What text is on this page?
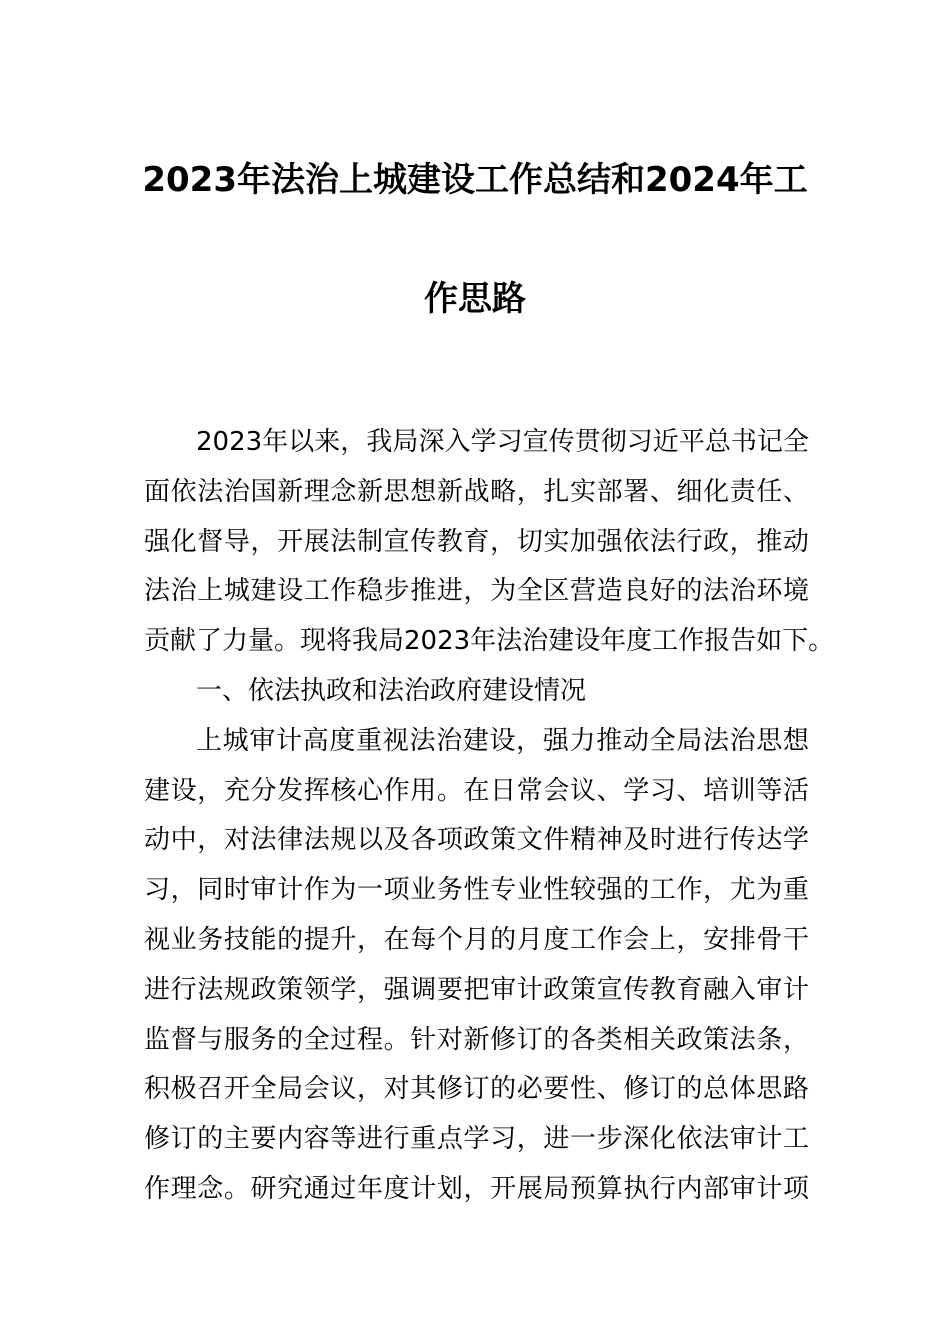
2023年法治上城建设工作总结和2024年工
作思路
2023年以来，我局深入学习宣传贯彻习近平总书记全
面依法治国新理念新思想新战略，扎实部署、细化责任、
强化督导，开展法制宣传教育，切实加强依法行政，推动
法治上城建设工作稳步推进，为全区营造良好的法治环境
贡献了力量。现将我局2023年法治建设年度工作报告如下。
一、依法执政和法治政府建设情况
上城审计高度重视法治建设，强力推动全局法治思想
建设，充分发挥核心作用。在日常会议、学习、培训等活
动中，对法律法规以及各项政策文件精神及时进行传达学
习，同时审计作为一项业务性专业性较强的工作，尤为重
视业务技能的提升，在每个月的月度工作会上，安排骨干
进行法规政策领学，强调要把审计政策宣传教育融入审计
监督与服务的全过程。针对新修订的各类相关政策法条，
积极召开全局会议，对其修订的必要性、修订的总体思路
修订的主要内容等进行重点学习，进一步深化依法审计工
作理念。研究通过年度计划，开展局预算执行内部审计项
